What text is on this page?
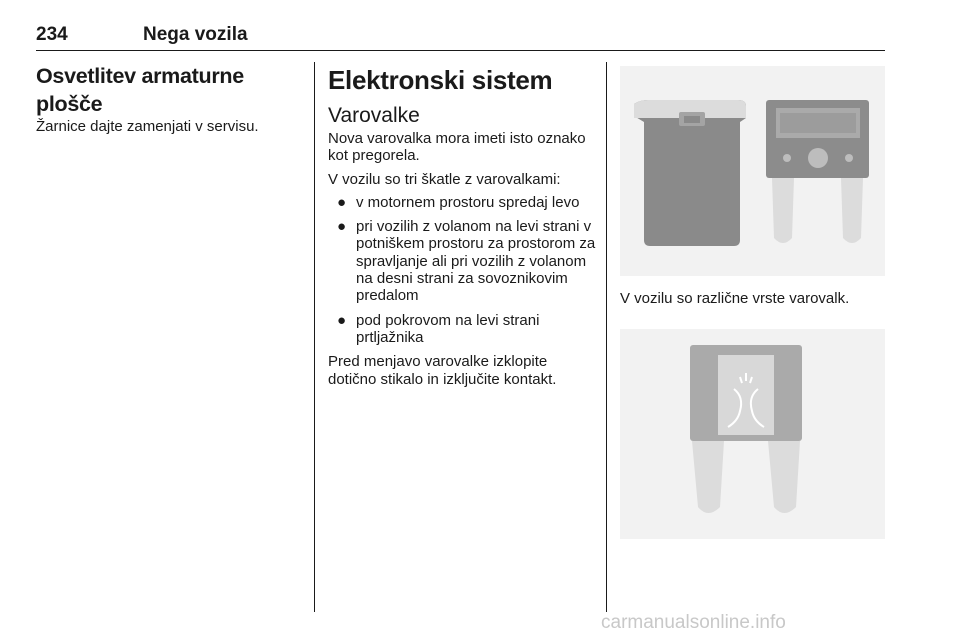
234	Nega vozila
Osvetlitev armaturne plošče

Žarnice dajte zamenjati v servisu.

Elektronski sistem
Varovalke

Nova varovalka mora imeti isto oznako kot pregorela.

V vozilu so tri škatle z varovalkami:

● v motornem prostoru spredaj levo
● pri vozilih z volanom na levi strani v potniškem prostoru za prostorom za spravljanje ali pri vozilih z volanom na desni strani za sovoznikovim predalom
● pod pokrovom na levi strani prtljažnika

Pred menjavo varovalke izklopite dotično stikalo in izključite kontakt.

V vozilu so različne vrste varovalk.
carmanualsonline.info
